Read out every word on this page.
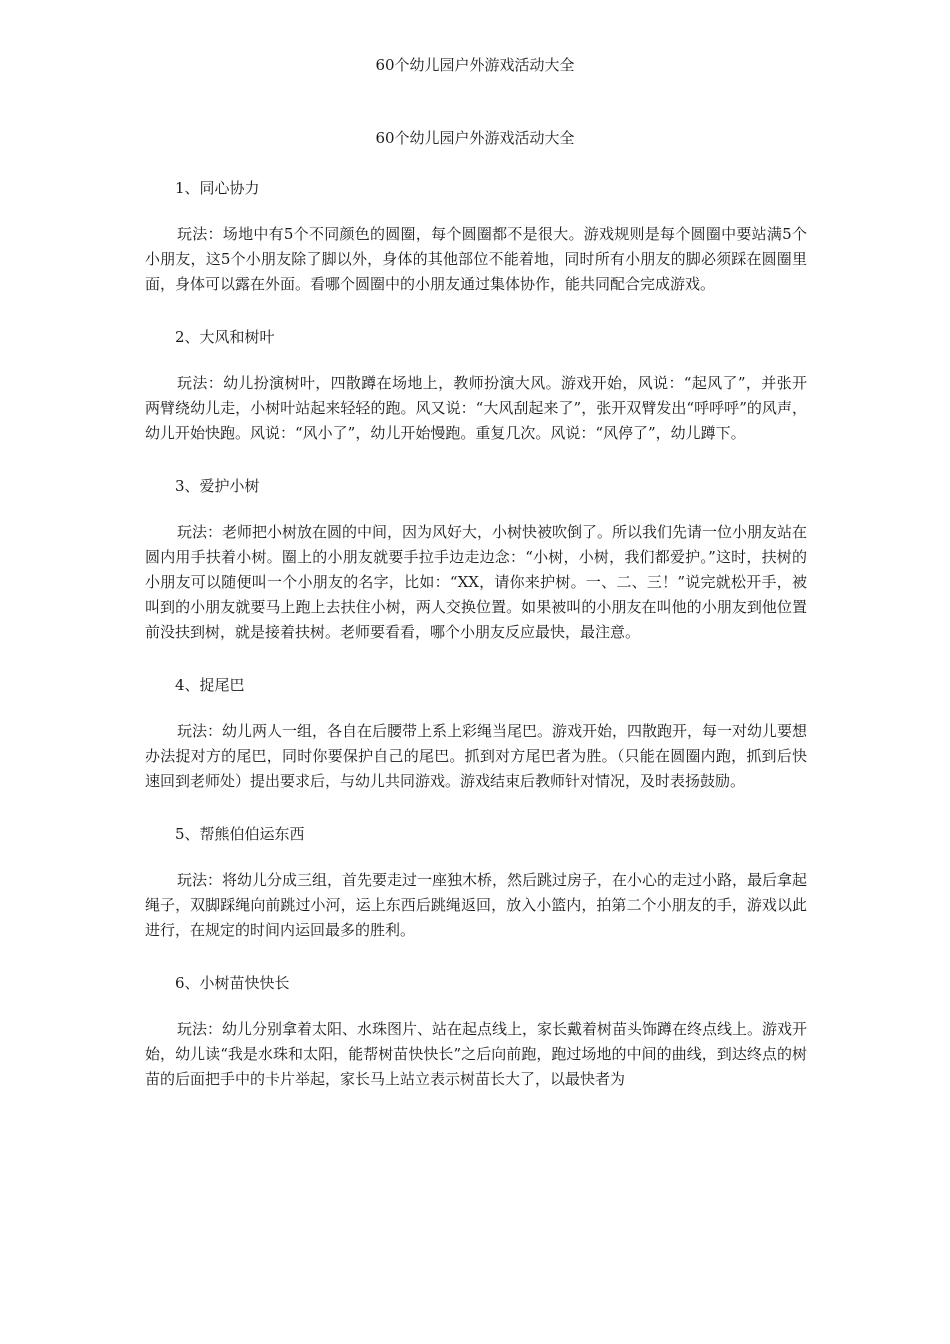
60个幼儿园户外游戏活动大全
60个幼儿园户外游戏活动大全
1、同心协力
玩法：场地中有5个不同颜色的圆圈，每个圆圈都不是很大。游戏规则是每个圆圈中要站满5个小朋友，这5个小朋友除了脚以外，身体的其他部位不能着地，同时所有小朋友的脚必须踩在圆圈里面，身体可以露在外面。看哪个圆圈中的小朋友通过集体协作，能共同配合完成游戏。
2、大风和树叶
玩法：幼儿扮演树叶，四散蹲在场地上，教师扮演大风。游戏开始，风说：“起风了”，并张开两臂绕幼儿走，小树叶站起来轻轻的跑。风又说：“大风刮起来了”，张开双臂发出“呼呼呼”的风声，幼儿开始快跑。风说：“风小了”，幼儿开始慢跑。重复几次。风说：“风停了”，幼儿蹲下。
3、爱护小树
玩法：老师把小树放在圆的中间，因为风好大，小树快被吹倒了。所以我们先请一位小朋友站在圆内用手扶着小树。圈上的小朋友就要手拉手边走边念：“小树，小树，我们都爱护。”这时，扶树的小朋友可以随便叫一个小朋友的名字，比如：“XX，请你来护树。一、二、三！”说完就松开手，被叫到的小朋友就要马上跑上去扶住小树，两人交换位置。如果被叫的小朋友在叫他的小朋友到他位置前没扶到树，就是接着扶树。老师要看看，哪个小朋友反应最快，最注意。
4、捉尾巴
玩法：幼儿两人一组，各自在后腰带上系上彩绳当尾巴。游戏开始，四散跑开，每一对幼儿要想办法捉对方的尾巴，同时你要保护自己的尾巴。抓到对方尾巴者为胜。（只能在圆圈内跑，抓到后快速回到老师处）提出要求后，与幼儿共同游戏。游戏结束后教师针对情况，及时表扬鼓励。
5、帮熊伯伯运东西
玩法：将幼儿分成三组，首先要走过一座独木桥，然后跳过房子，在小心的走过小路，最后拿起绳子，双脚踩绳向前跳过小河，运上东西后跳绳返回，放入小篮内，拍第二个小朋友的手，游戏以此进行，在规定的时间内运回最多的胜利。
6、小树苗快快长
玩法：幼儿分别拿着太阳、水珠图片、站在起点线上，家长戴着树苗头饰蹲在终点线上。游戏开始，幼儿读“我是水珠和太阳，能帮树苗快快长”之后向前跑，跑过场地的中间的曲线，到达终点的树苗的后面把手中的卡片举起，家长马上站立表示树苗长大了，以最快者为
